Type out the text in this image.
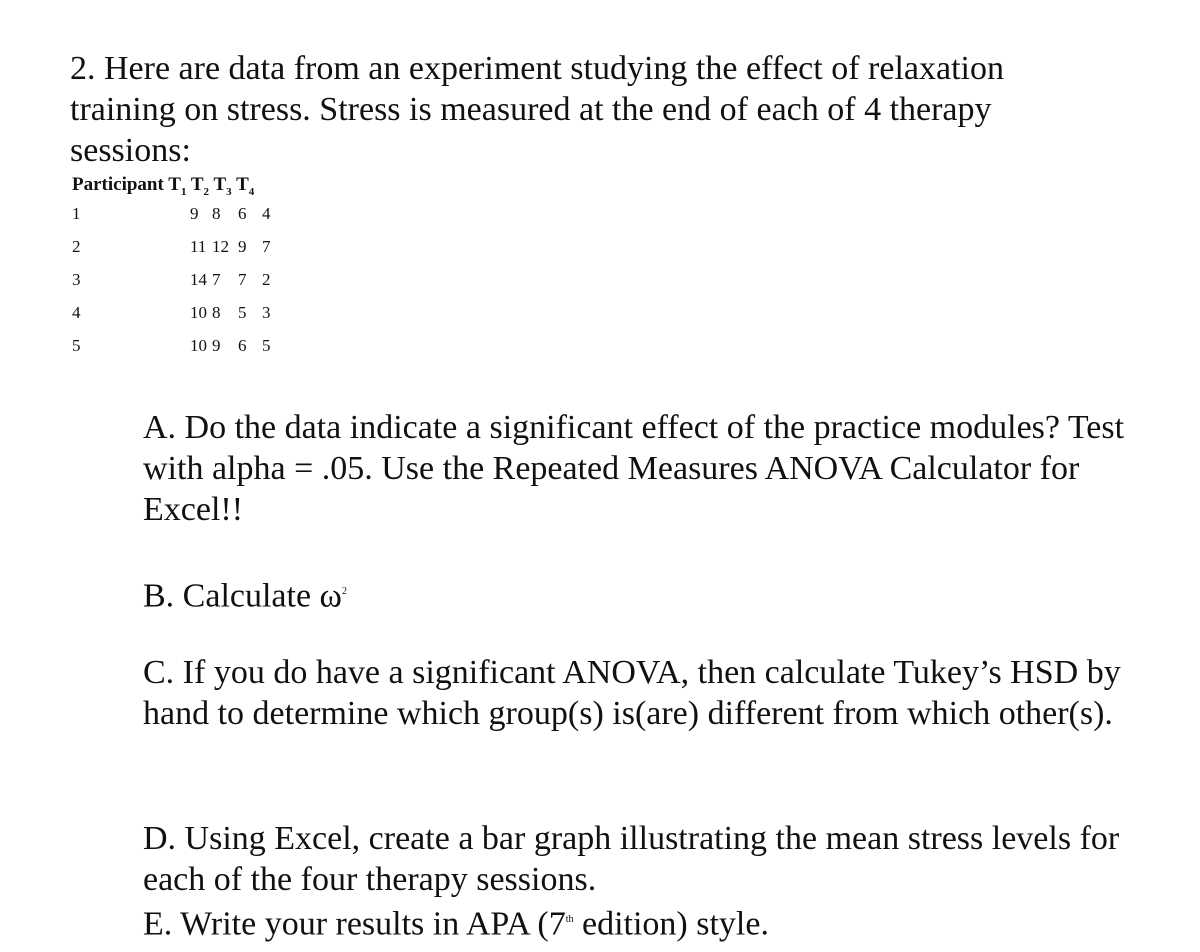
2. Here are data from an experiment studying the effect of relaxation training on stress. Stress is measured at the end of each of 4 therapy sessions:

Participant $T_1$ $T_2$ $T_3$ $T_4$
1	9 8 6 4
2	11 12 9 7
3	14 7 7 2
4	10 8 5 3
5	10 9 6 5

A. Do the data indicate a significant effect of the practice modules? Test with alpha = .05. Use the Repeated Measures ANOVA Calculator for Excel!!

B. Calculate $\omega^2$

C. If you do have a significant ANOVA, then calculate Tukey’s HSD by hand to determine which group(s) is(are) different from which other(s).

D. Using Excel, create a bar graph illustrating the mean stress levels for each of the four therapy sessions.

E. Write your results in APA (7th edition) style.
